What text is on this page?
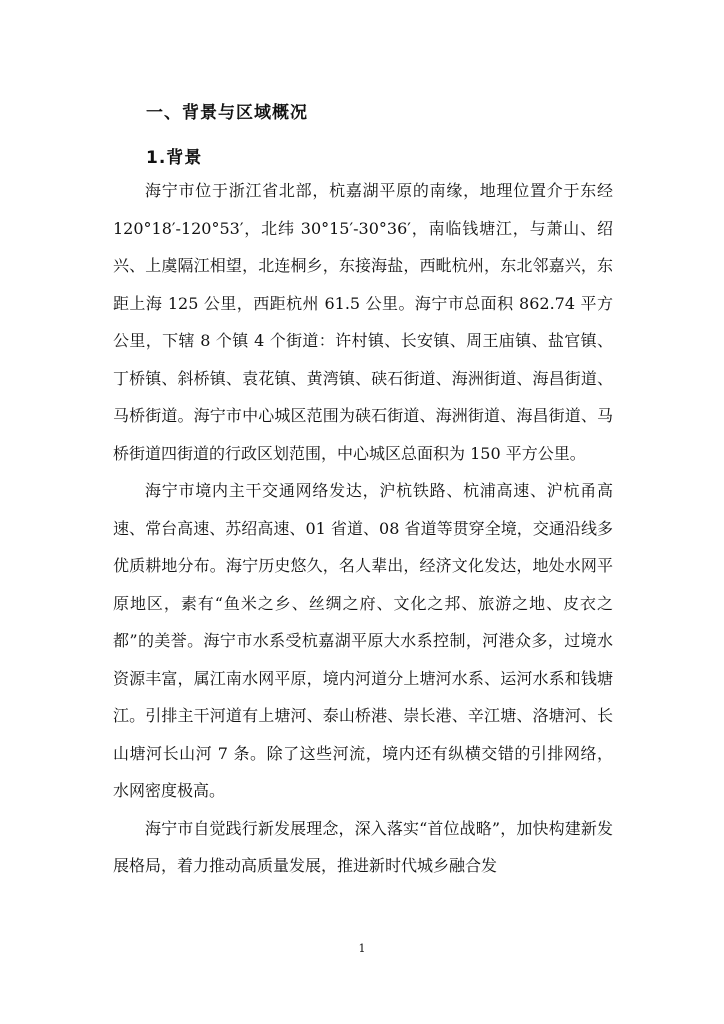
一、背景与区域概况
1.背景

海宁市位于浙江省北部，杭嘉湖平原的南缘，地理位置介于东经 120°18′-120°53′，北纬 30°15′-30°36′，南临钱塘江，与萧山、绍兴、上虞隔江相望，北连桐乡，东接海盐，西毗杭州，东北邻嘉兴，东距上海 125 公里，西距杭州 61.5 公里。海宁市总面积 862.74 平方公里，下辖 8 个镇 4 个街道：许村镇、长安镇、周王庙镇、盐官镇、丁桥镇、斜桥镇、袁花镇、黄湾镇、硖石街道、海洲街道、海昌街道、马桥街道。海宁市中心城区范围为硖石街道、海洲街道、海昌街道、马桥街道四街道的行政区划范围，中心城区总面积为 150 平方公里。

海宁市境内主干交通网络发达，沪杭铁路、杭浦高速、沪杭甬高速、常台高速、苏绍高速、01 省道、08 省道等贯穿全境，交通沿线多优质耕地分布。海宁历史悠久，名人辈出，经济文化发达，地处水网平原地区，素有“鱼米之乡、丝绸之府、文化之邦、旅游之地、皮衣之都”的美誉。海宁市水系受杭嘉湖平原大水系控制，河港众多，过境水资源丰富，属江南水网平原，境内河道分上塘河水系、运河水系和钱塘江。引排主干河道有上塘河、泰山桥港、崇长港、辛江塘、洛塘河、长山塘河长山河 7 条。除了这些河流，境内还有纵横交错的引排网络，水网密度极高。

海宁市自觉践行新发展理念，深入落实“首位战略”，加快构建新发展格局，着力推动高质量发展，推进新时代城乡融合发

1
